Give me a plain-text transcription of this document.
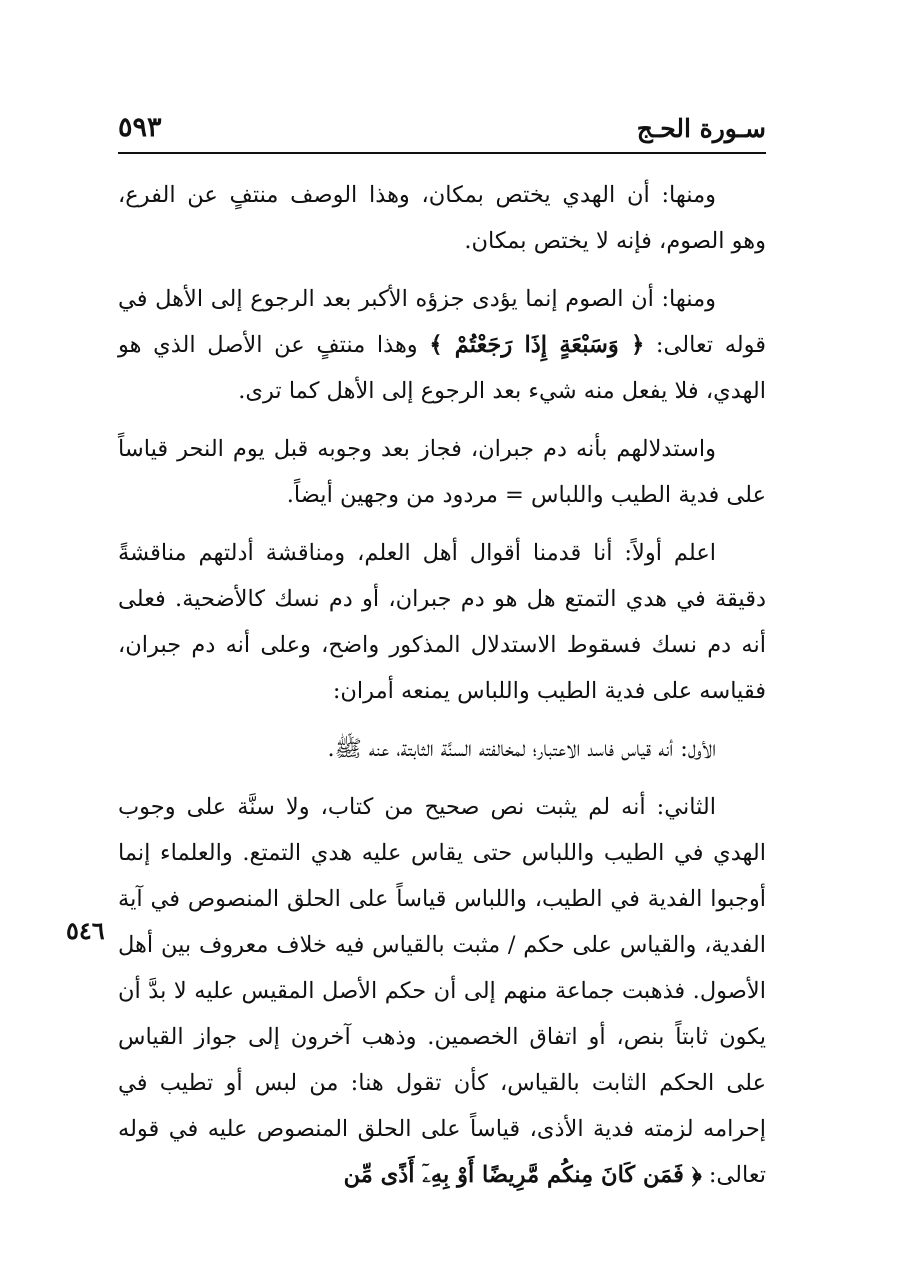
سـورة الحـج
٥٩٣
٥٤٦

ومنها: أن الهدي يختص بمكان، وهذا الوصف منتفٍ عن الفرع، وهو الصوم، فإنه لا يختص بمكان.

ومنها: أن الصوم إنما يؤدى جزؤه الأكبر بعد الرجوع إلى الأهل في قوله تعالى: ﴿ وَسَبْعَةٍ إِذَا رَجَعْتُمْ ﴾ وهذا منتفٍ عن الأصل الذي هو الهدي، فلا يفعل منه شيء بعد الرجوع إلى الأهل كما ترى.

واستدلالهم بأنه دم جبران، فجاز بعد وجوبه قبل يوم النحر قياساً على فدية الطيب واللباس = مردود من وجهين أيضاً.

اعلم أولاً: أنا قدمنا أقوال أهل العلم، ومناقشة أدلتهم مناقشةً دقيقة في هدي التمتع هل هو دم جبران، أو دم نسك كالأضحية. فعلى أنه دم نسك فسقوط الاستدلال المذكور واضح، وعلى أنه دم جبران، فقياسه على فدية الطيب واللباس يمنعه أمران:

الأول: أنه قياس فاسد الاعتبار؛ لمخالفته السنَّة الثابتة، عنه ﷺ.

الثاني: أنه لم يثبت نص صحيح من كتاب، ولا سنَّة على وجوب الهدي في الطيب واللباس حتى يقاس عليه هدي التمتع. والعلماء إنما أوجبوا الفدية في الطيب، واللباس قياساً على الحلق المنصوص في آية الفدية، والقياس على حكم / مثبت بالقياس فيه خلاف معروف بين أهل الأصول. فذهبت جماعة منهم إلى أن حكم الأصل المقيس عليه لا بدَّ أن يكون ثابتاً بنص، أو اتفاق الخصمين. وذهب آخرون إلى جواز القياس على الحكم الثابت بالقياس، كأن تقول هنا: من لبس أو تطيب في إحرامه لزمته فدية الأذى، قياساً على الحلق المنصوص عليه في قوله تعالى: ﴿ فَمَن كَانَ مِنكُم مَّرِيضًا أَوْ بِهِۦٓ أَذًى مِّن
